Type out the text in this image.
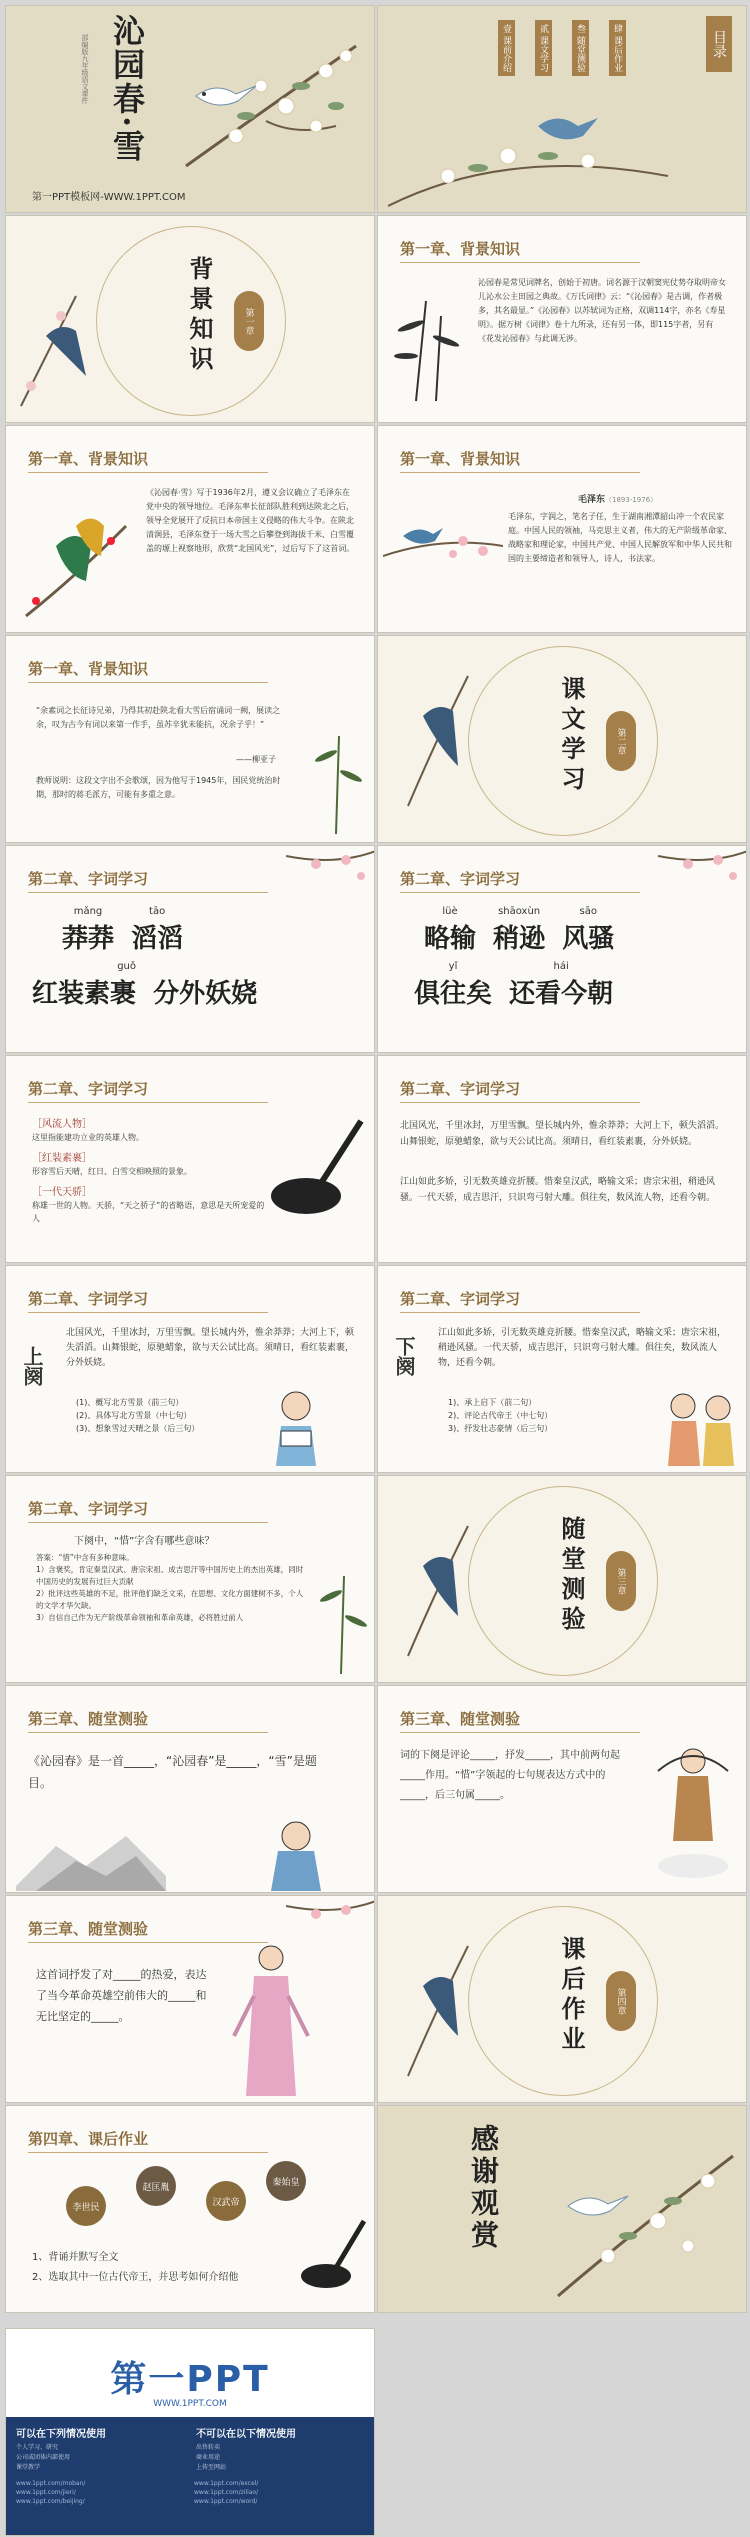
沁园春·雪
部编版九年级语文课件
第一PPT模板网-WWW.1PPT.COM
目录
壹 课前介绍	贰 课文学习	叁 随堂测验	肆 课后作业
背景知识	第一章
第一章、背景知识
沁园春是常见词牌名，创始于初唐。词名源于汉朝窦宪仗势夺取明帝女儿沁水公主田园之典故。《万氏词律》云：“《沁园春》是古调，作者极多，其名最显。”《沁园春》以苏轼词为正格，双调114字，亦名《寿星明》。据万树《词律》卷十九所录，还有另一体，即115字者，另有《花发沁园春》与此调无涉。
第一章、背景知识
《沁园春·雪》写于1936年2月，遵义会议确立了毛泽东在党中央的领导地位。毛泽东率长征部队胜利到达陕北之后，领导全党展开了反抗日本帝国主义侵略的伟大斗争。在陕北清涧县，毛泽东登于一场大雪之后攀登到海拔千米、白雪覆盖的塬上视察地形，欣赏“北国风光”，过后写下了这首词。
第一章、背景知识
毛泽东（1893-1976）
毛泽东，字润之，笔名子任，生于湖南湘潭韶山冲一个农民家庭。中国人民的领袖，马克思主义者，伟大的无产阶级革命家、战略家和理论家，中国共产党、中国人民解放军和中华人民共和国的主要缔造者和领导人，诗人，书法家。
第一章、背景知识
“余素词之长征诗兄弟，乃得其初赴陕北看大雪后宿诵词一阙，展读之余，叹为古今有词以来第一作手，虽苏辛犹未能抗，况余子乎！”
——柳亚子
教师说明：这段文字出不会歌颂，因为他写于1945年，国民党统治时期，那时的蒋毛派方，可能有多重之意。	课文学习	第二章
第二章、字词学习
mǎng
莽莽

tāo
滔滔
guǒ
红装素裹
分外妖娆
第二章、字词学习
lüè
略输

shāoxùn
稍逊

sāo
风骚
yǐ
俱往矣

hái
还看今朝
第二章、字词学习
［风流人物］
这里指能建功立业的英雄人物。
［红装素裹］
形容雪后天晴，红日、白雪交相映照的景象。
［一代天骄］
称雄一世的人物。天骄，“天之骄子”的省略语，意思是天所宠爱的人
第二章、字词学习
北国风光，千里冰封，万里雪飘。望长城内外，惟余莽莽；大河上下，顿失滔滔。山舞银蛇，原驰蜡象，欲与天公试比高。须晴日，看红装素裹，分外妖娆。
江山如此多娇，引无数英雄竞折腰。惜秦皇汉武，略输文采；唐宗宋祖，稍逊风骚。一代天骄，成吉思汗，只识弯弓射大雕。俱往矣，数风流人物，还看今朝。
第二章、字词学习
上阕
北国风光，千里冰封，万里雪飘。望长城内外，惟余莽莽；大河上下，顿失滔滔。山舞银蛇，原驰蜡象，欲与天公试比高。须晴日，看红装素裹，分外妖娆。
(1)、概写北方雪景（前三句）
(2)、具体写北方雪景（中七句）
(3)、想象雪过天晴之景（后三句）
第二章、字词学习
下阕
江山如此多娇，引无数英雄竞折腰。惜秦皇汉武，略输文采；唐宗宋祖，稍逊风骚。一代天骄，成吉思汗，只识弯弓射大雕。俱往矣，数风流人物，还看今朝。
1)、承上启下（前二句）
2)、评论古代帝王（中七句）
3)、抒发壮志豪情（后三句）
第二章、字词学习
下阕中，“惜”字含有哪些意味？
答案：“惜”中含有多种意味。
1）含褒奖，肯定秦皇汉武、唐宗宋祖、成吉思汗等中国历史上的杰出英雄，同时中国历史的发展有过巨大贡献
2）批评这些英雄的不足，批评他们缺乏文采，在思想、文化方面建树不多，个人的文学才华欠缺。
3）自信自己作为无产阶级革命领袖和革命英雄，必将胜过前人	随堂测验	第三章
第三章、随堂测验
《沁园春》是一首_____，“沁园春”是_____，“雪”是题目。
第三章、随堂测验
词的下阕是评论_____，抒发_____，其中前两句起_____作用。“惜”字领起的七句规表达方式中的_____，后三句属_____。
第三章、随堂测验
这首词抒发了对_____的热爱，表达了当今革命英雄空前伟大的_____和无比坚定的_____。	课后作业	第四章
第四章、课后作业
李世民
赵匡胤
汉武帝
秦始皇
1、背诵并默写全文
2、选取其中一位古代帝王，并思考如何介绍他
感谢观赏
第一PPT
WWW.1PPT.COM
可以在下列情况使用	不可以在以下情况使用
个人学习、研究
公司或团体内部使用
课堂教学
出售转卖
商业用途
上传至网站
www.1ppt.com/moban/
www.1ppt.com/jieri/
www.1ppt.com/beijing/
www.1ppt.com/excel/
www.1ppt.com/ziliao/
www.1ppt.com/word/
